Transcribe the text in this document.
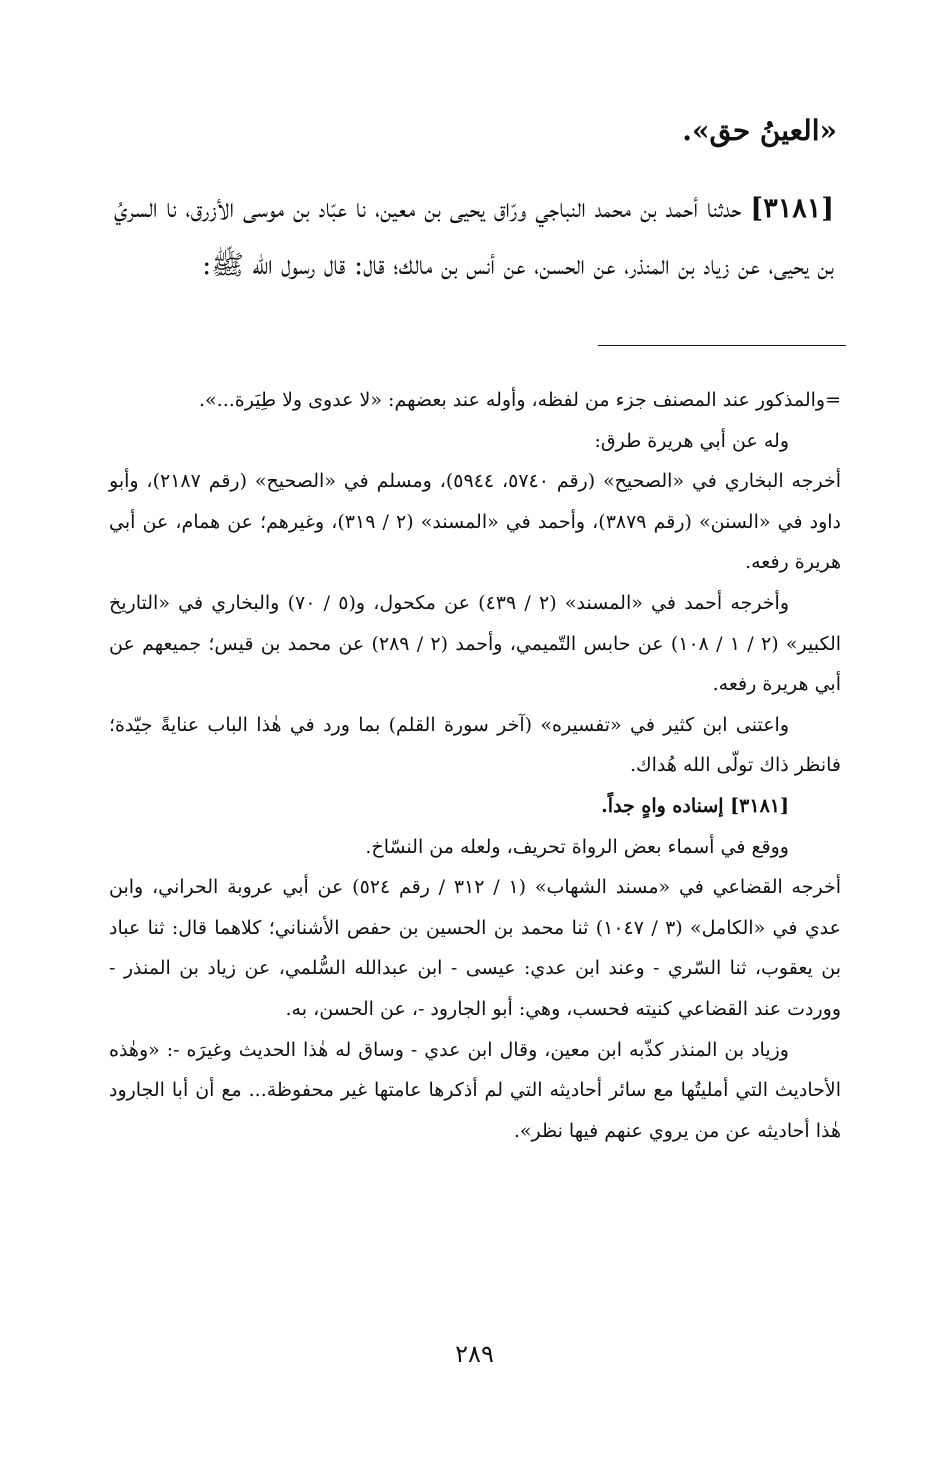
«العينُ حق».
[٣١٨١] حدثنا أحمد بن محمد النباجي ورّاق يحيى بن معين، نا عبّاد بن موسى الأزرق، نا السريُ بن يحيى، عن زياد بن المنذر، عن الحسن، عن أنس بن مالك؛ قال: قال رسول الله ﷺ:

=والمذكور عند المصنف جزء من لفظه، وأوله عند بعضهم: «لا عدوى ولا طِيَرة...».

وله عن أبي هريرة طرق:

أخرجه البخاري في «الصحيح» (رقم ٥٧٤٠، ٥٩٤٤)، ومسلم في «الصحيح» (رقم ٢١٨٧)، وأبو داود في «السنن» (رقم ٣٨٧٩)، وأحمد في «المسند» (٢ / ٣١٩)، وغيرهم؛ عن همام، عن أبي هريرة رفعه.

وأخرجه أحمد في «المسند» (٢ / ٤٣٩) عن مكحول، و(٥ / ٧٠) والبخاري في «التاريخ الكبير» (٢ / ١ / ١٠٨) عن حابس التّميمي، وأحمد (٢ / ٢٨٩) عن محمد بن قيس؛ جميعهم عن أبي هريرة رفعه.

واعتنى ابن كثير في «تفسيره» (آخر سورة القلم) بما ورد في هٰذا الباب عنايةً جيّدة؛ فانظر ذاك تولّى الله هُداك.

[٣١٨١] إسناده واهٍ جداً.

ووقع في أسماء بعض الرواة تحريف، ولعله من النسّاخ.

أخرجه القضاعي في «مسند الشهاب» (١ / ٣١٢ / رقم ٥٢٤) عن أبي عروبة الحراني، وابن عدي في «الكامل» (٣ / ١٠٤٧) ثنا محمد بن الحسين بن حفص الأشناني؛ كلاهما قال: ثنا عباد بن يعقوب، ثنا السّري - وعند ابن عدي: عيسى - ابن عبدالله السُّلمي، عن زياد بن المنذر - ووردت عند القضاعي كنيته فحسب، وهي: أبو الجارود -، عن الحسن، به.

وزياد بن المنذر كذّبه ابن معين، وقال ابن عدي - وساق له هٰذا الحديث وغيرَه -: «وهٰذه الأحاديث التي أمليتُها مع سائر أحاديثه التي لم أذكرها عامتها غير محفوظة... مع أن أبا الجارود هٰذا أحاديثه عن من يروي عنهم فيها نظر».

٢٨٩
